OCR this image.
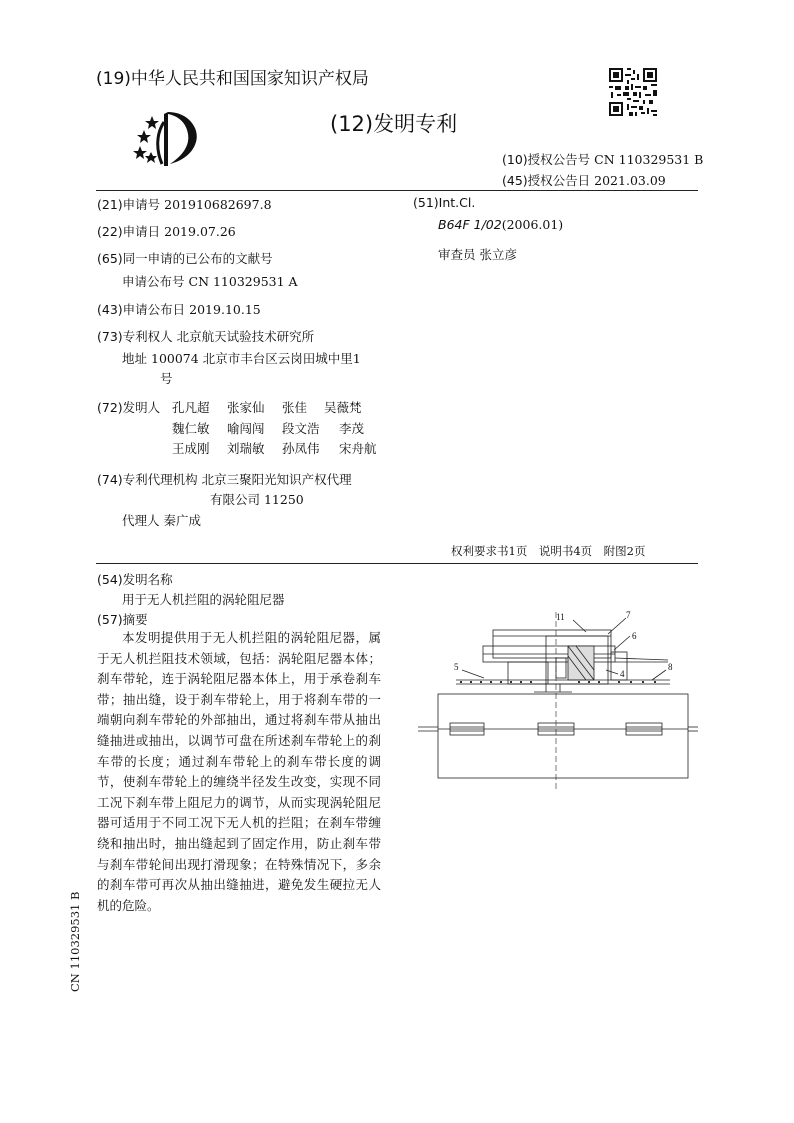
(19)中华人民共和国国家知识产权局
(12)发明专利
(10)授权公告号 CN 110329531 B
(45)授权公告日 2021.03.09
(21)申请号 201910682697.8
(22)申请日 2019.07.26
(65)同一申请的已公布的文献号
申请公布号 CN 110329531 A
(43)申请公布日 2019.10.15
(73)专利权人 北京航天试验技术研究所
地址 100074 北京市丰台区云岗田城中里1
号
(72)发明人 孔凡超 张家仙 张佳 吴薇梵
魏仁敏 喻闯闯 段文浩 李茂
王成刚 刘瑞敏 孙凤伟 宋舟航
(74)专利代理机构 北京三聚阳光知识产权代理
有限公司 11250
代理人 秦广成
(51)Int.Cl.
B64F 1/02(2006.01)
审查员 张立彦
权利要求书1页　说明书4页　附图2页
(54)发明名称
用于无人机拦阻的涡轮阻尼器
(57)摘要
本发明提供用于无人机拦阻的涡轮阻尼器，属于无人机拦阻技术领域，包括：涡轮阻尼器本体；刹车带轮，连于涡轮阻尼器本体上，用于承卷刹车带；抽出缝，设于刹车带轮上，用于将刹车带的一端朝向刹车带轮的外部抽出，通过将刹车带从抽出缝抽进或抽出，以调节可盘在所述刹车带轮上的刹车带的长度；通过刹车带轮上的刹车带长度的调节，使刹车带轮上的缠绕半径发生改变，实现不同工况下刹车带上阻尼力的调节，从而实现涡轮阻尼器可适用于不同工况下无人机的拦阻；在刹车带缠绕和抽出时，抽出缝起到了固定作用，防止刹车带与刹车带轮间出现打滑现象；在特殊情况下，多余的刹车带可再次从抽出缝抽进，避免发生硬拉无人机的危险。
11	7
6
5
4
8
CN 110329531 B
